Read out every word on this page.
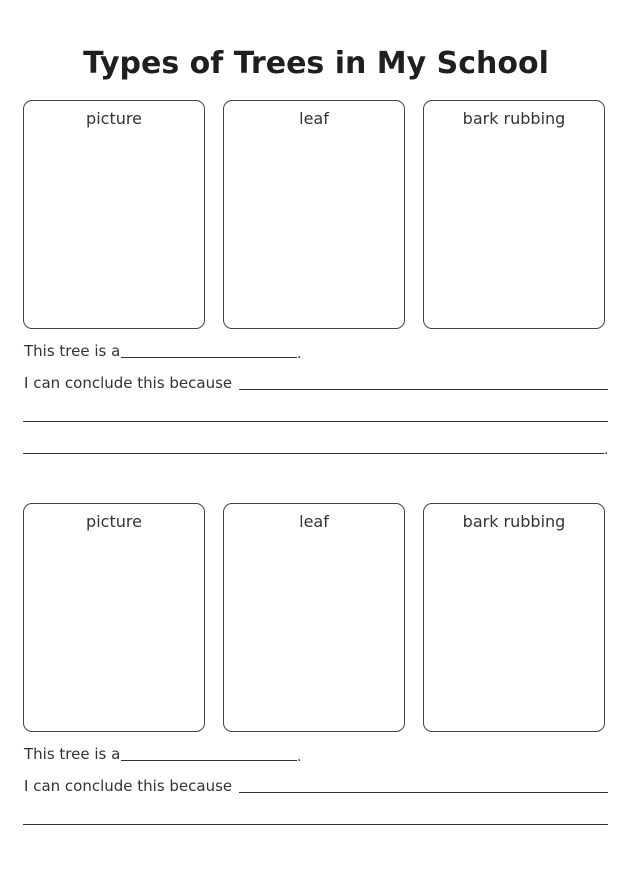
Types of Trees in My School
picture	leaf	bark rubbing
This tree is a	.
I can conclude this because
.
picture	leaf	bark rubbing
This tree is a	.
I can conclude this because
